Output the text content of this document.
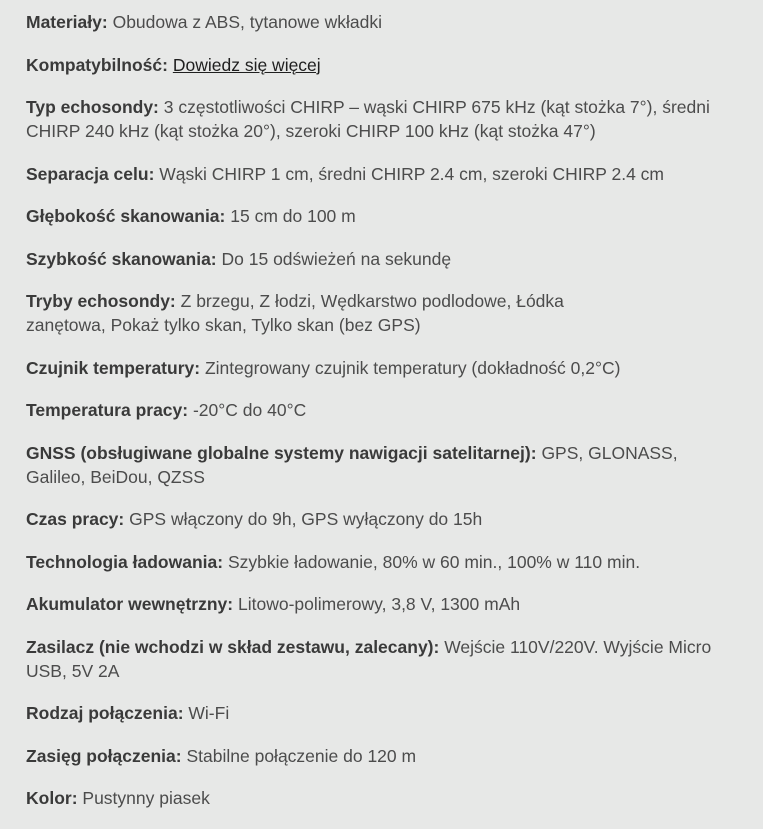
Materiały: Obudowa z ABS, tytanowe wkładki

Kompatybilność: Dowiedz się więcej

Typ echosondy: 3 częstotliwości CHIRP – wąski CHIRP 675 kHz (kąt stożka 7°), średni CHIRP 240 kHz (kąt stożka 20°), szeroki CHIRP 100 kHz (kąt stożka 47°)

Separacja celu: Wąski CHIRP 1 cm, średni CHIRP 2.4 cm, szeroki CHIRP 2.4 cm

Głębokość skanowania: 15 cm do 100 m

Szybkość skanowania: Do 15 odświeżeń na sekundę

Tryby echosondy: Z brzegu, Z łodzi, Wędkarstwo podlodowe, Łódka zanętowa, Pokaż tylko skan, Tylko skan (bez GPS)

Czujnik temperatury: Zintegrowany czujnik temperatury (dokładność 0,2°C)

Temperatura pracy: -20°C do 40°C

GNSS (obsługiwane globalne systemy nawigacji satelitarnej): GPS, GLONASS, Galileo, BeiDou, QZSS

Czas pracy: GPS włączony do 9h, GPS wyłączony do 15h

Technologia ładowania: Szybkie ładowanie, 80% w 60 min., 100% w 110 min.

Akumulator wewnętrzny: Litowo-polimerowy, 3,8 V, 1300 mAh

Zasilacz (nie wchodzi w skład zestawu, zalecany): Wejście 110V/220V. Wyjście Micro USB, 5V 2A

Rodzaj połączenia: Wi-Fi

Zasięg połączenia: Stabilne połączenie do 120 m

Kolor: Pustynny piasek
